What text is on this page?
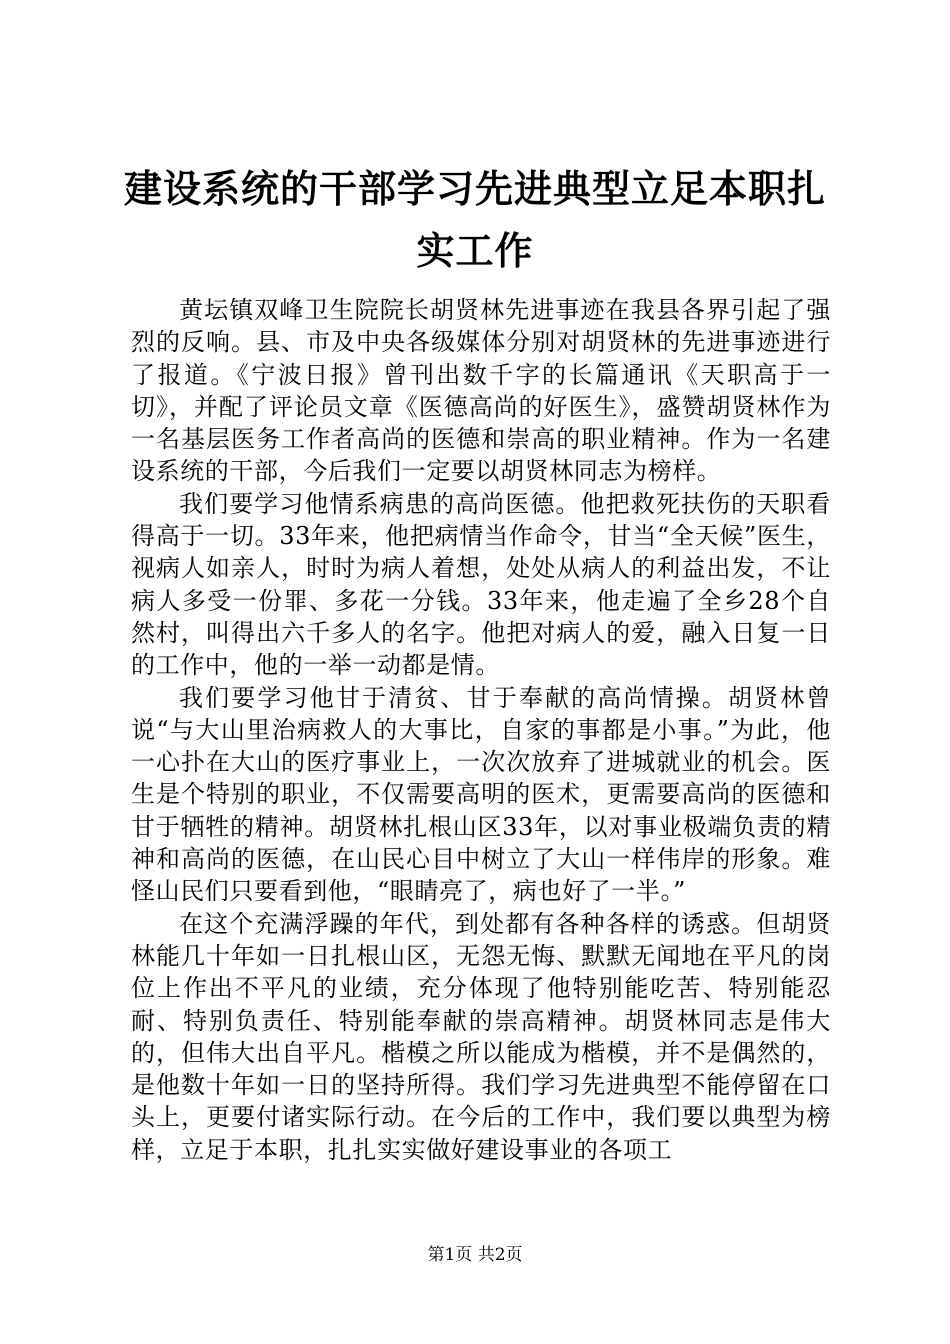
建设系统的干部学习先进典型立足本职扎实工作

黄坛镇双峰卫生院院长胡贤林先进事迹在我县各界引起了强烈的反响。县、市及中央各级媒体分别对胡贤林的先进事迹进行了报道。《宁波日报》曾刊出数千字的长篇通讯《天职高于一切》，并配了评论员文章《医德高尚的好医生》，盛赞胡贤林作为一名基层医务工作者高尚的医德和崇高的职业精神。作为一名建设系统的干部，今后我们一定要以胡贤林同志为榜样。

我们要学习他情系病患的高尚医德。他把救死扶伤的天职看得高于一切。33年来，他把病情当作命令，甘当“全天候”医生，视病人如亲人，时时为病人着想，处处从病人的利益出发，不让病人多受一份罪、多花一分钱。33年来，他走遍了全乡28个自然村，叫得出六千多人的名字。他把对病人的爱，融入日复一日的工作中，他的一举一动都是情。

我们要学习他甘于清贫、甘于奉献的高尚情操。胡贤林曾说“与大山里治病救人的大事比，自家的事都是小事。”为此，他一心扑在大山的医疗事业上，一次次放弃了进城就业的机会。医生是个特别的职业，不仅需要高明的医术，更需要高尚的医德和甘于牺牲的精神。胡贤林扎根山区33年，以对事业极端负责的精神和高尚的医德，在山民心目中树立了大山一样伟岸的形象。难怪山民们只要看到他，“眼睛亮了，病也好了一半。”

在这个充满浮躁的年代，到处都有各种各样的诱惑。但胡贤林能几十年如一日扎根山区，无怨无悔、默默无闻地在平凡的岗位上作出不平凡的业绩，充分体现了他特别能吃苦、特别能忍耐、特别负责任、特别能奉献的崇高精神。胡贤林同志是伟大的，但伟大出自平凡。楷模之所以能成为楷模，并不是偶然的，是他数十年如一日的坚持所得。我们学习先进典型不能停留在口头上，更要付诸实际行动。在今后的工作中，我们要以典型为榜样，立足于本职，扎扎实实做好建设事业的各项工

第1页 共2页
